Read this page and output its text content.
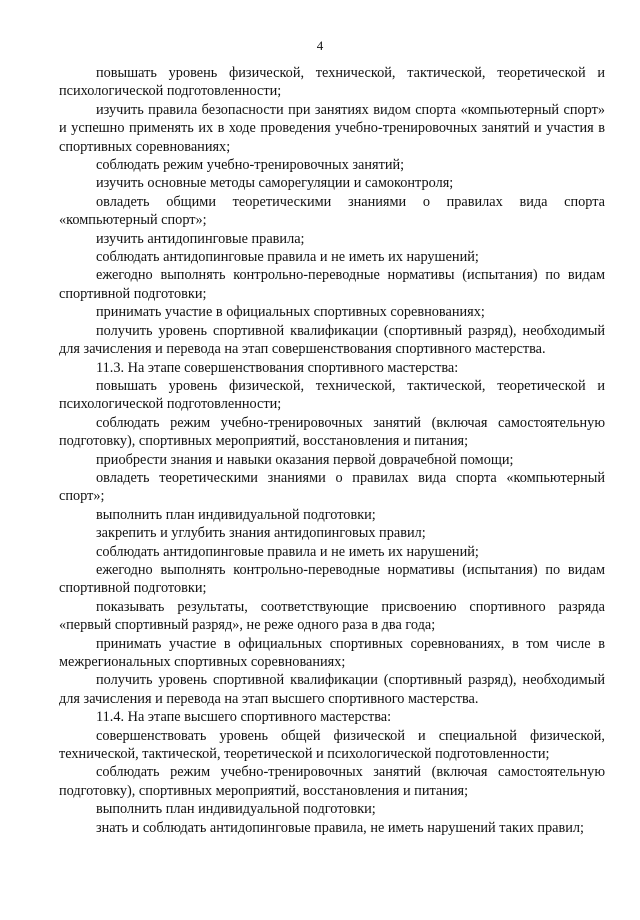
4

повышать уровень физической, технической, тактической, теоретической и психологической подготовленности;

изучить правила безопасности при занятиях видом спорта «компьютерный спорт» и успешно применять их в ходе проведения учебно-тренировочных занятий и участия в спортивных соревнованиях;

соблюдать режим учебно-тренировочных занятий;

изучить основные методы саморегуляции и самоконтроля;

овладеть общими теоретическими знаниями о правилах вида спорта «компьютерный спорт»;

изучить антидопинговые правила;

соблюдать антидопинговые правила и не иметь их нарушений;

ежегодно выполнять контрольно-переводные нормативы (испытания) по видам спортивной подготовки;

принимать участие в официальных спортивных соревнованиях;

получить уровень спортивной квалификации (спортивный разряд), необходимый для зачисления и перевода на этап совершенствования спортивного мастерства.

11.3. На этапе совершенствования спортивного мастерства:

повышать уровень физической, технической, тактической, теоретической и психологической подготовленности;

соблюдать режим учебно-тренировочных занятий (включая самостоятельную подготовку), спортивных мероприятий, восстановления и питания;

приобрести знания и навыки оказания первой доврачебной помощи;

овладеть теоретическими знаниями о правилах вида спорта «компьютерный спорт»;

выполнить план индивидуальной подготовки;

закрепить и углубить знания антидопинговых правил;

соблюдать антидопинговые правила и не иметь их нарушений;

ежегодно выполнять контрольно-переводные нормативы (испытания) по видам спортивной подготовки;

показывать результаты, соответствующие присвоению спортивного разряда «первый спортивный разряд», не реже одного раза в два года;

принимать участие в официальных спортивных соревнованиях, в том числе в межрегиональных спортивных соревнованиях;

получить уровень спортивной квалификации (спортивный разряд), необходимый для зачисления и перевода на этап высшего спортивного мастерства.

11.4. На этапе высшего спортивного мастерства:

совершенствовать уровень общей физической и специальной физической, технической, тактической, теоретической и психологической подготовленности;

соблюдать режим учебно-тренировочных занятий (включая самостоятельную подготовку), спортивных мероприятий, восстановления и питания;

выполнить план индивидуальной подготовки;

знать и соблюдать антидопинговые правила, не иметь нарушений таких правил;
